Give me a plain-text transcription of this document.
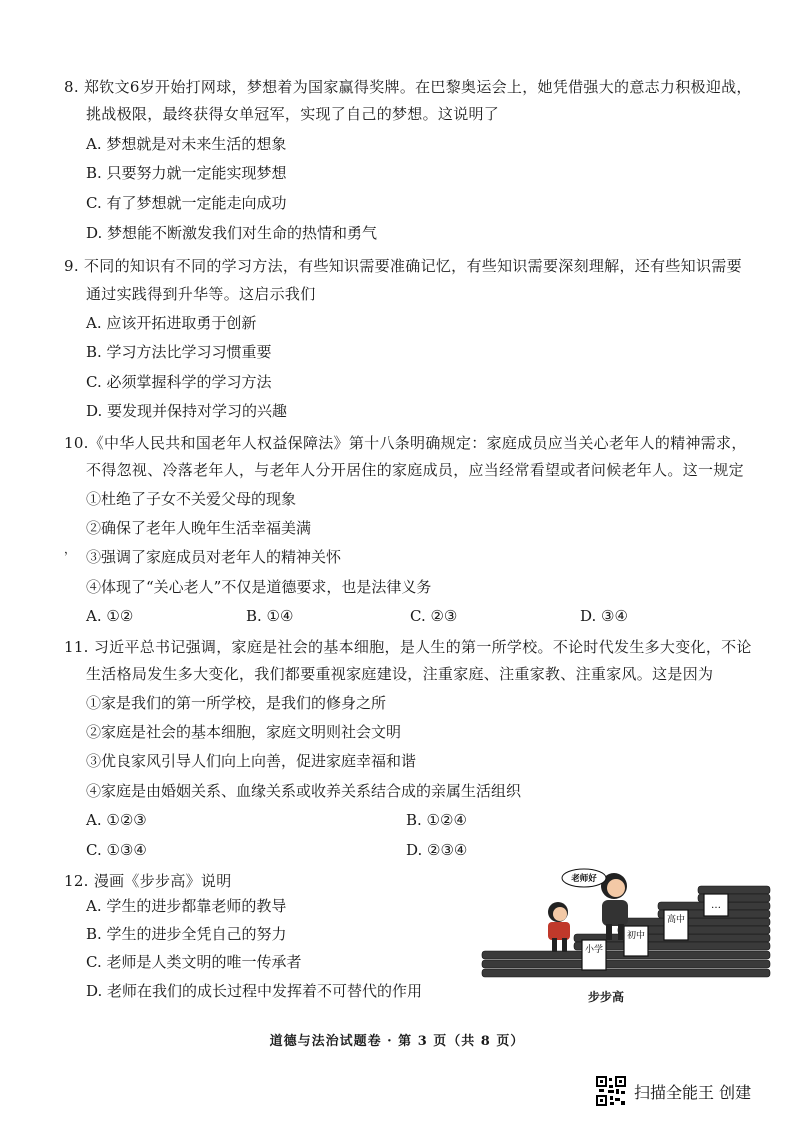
8. 郑钦文6岁开始打网球，梦想着为国家赢得奖牌。在巴黎奥运会上，她凭借强大的意志力积极迎战，
挑战极限，最终获得女单冠军，实现了自己的梦想。这说明了
A. 梦想就是对未来生活的想象
B. 只要努力就一定能实现梦想
C. 有了梦想就一定能走向成功
D. 梦想能不断激发我们对生命的热情和勇气
9. 不同的知识有不同的学习方法，有些知识需要准确记忆，有些知识需要深刻理解，还有些知识需要
通过实践得到升华等。这启示我们
A. 应该开拓进取勇于创新
B. 学习方法比学习习惯重要
C. 必须掌握科学的学习方法
D. 要发现并保持对学习的兴趣
10.《中华人民共和国老年人权益保障法》第十八条明确规定：家庭成员应当关心老年人的精神需求，
不得忽视、冷落老年人，与老年人分开居住的家庭成员，应当经常看望或者问候老年人。这一规定
①杜绝了子女不关爱父母的现象
②确保了老年人晚年生活幸福美满
， ③强调了家庭成员对老年人的精神关怀
④体现了“关心老人”不仅是道德要求，也是法律义务
A. ①②	B. ①④	C. ②③	D. ③④
11. 习近平总书记强调，家庭是社会的基本细胞，是人生的第一所学校。不论时代发生多大变化，不论
生活格局发生多大变化，我们都要重视家庭建设，注重家庭、注重家教、注重家风。这是因为
①家是我们的第一所学校，是我们的修身之所
②家庭是社会的基本细胞，家庭文明则社会文明
③优良家风引导人们向上向善，促进家庭幸福和谐
④家庭是由婚姻关系、血缘关系或收养关系结合成的亲属生活组织
A. ①②③	B. ①②④
C. ①③④	D. ②③④
12. 漫画《步步高》说明
A. 学生的进步都靠老师的教导
B. 学生的进步全凭自己的努力
C. 老师是人类文明的唯一传承者
D. 老师在我们的成长过程中发挥着不可替代的作用
小学
初中
高中
…
老师好
步步高
道德与法治试题卷 · 第 3 页（共 8 页）
扫描全能王 创建
